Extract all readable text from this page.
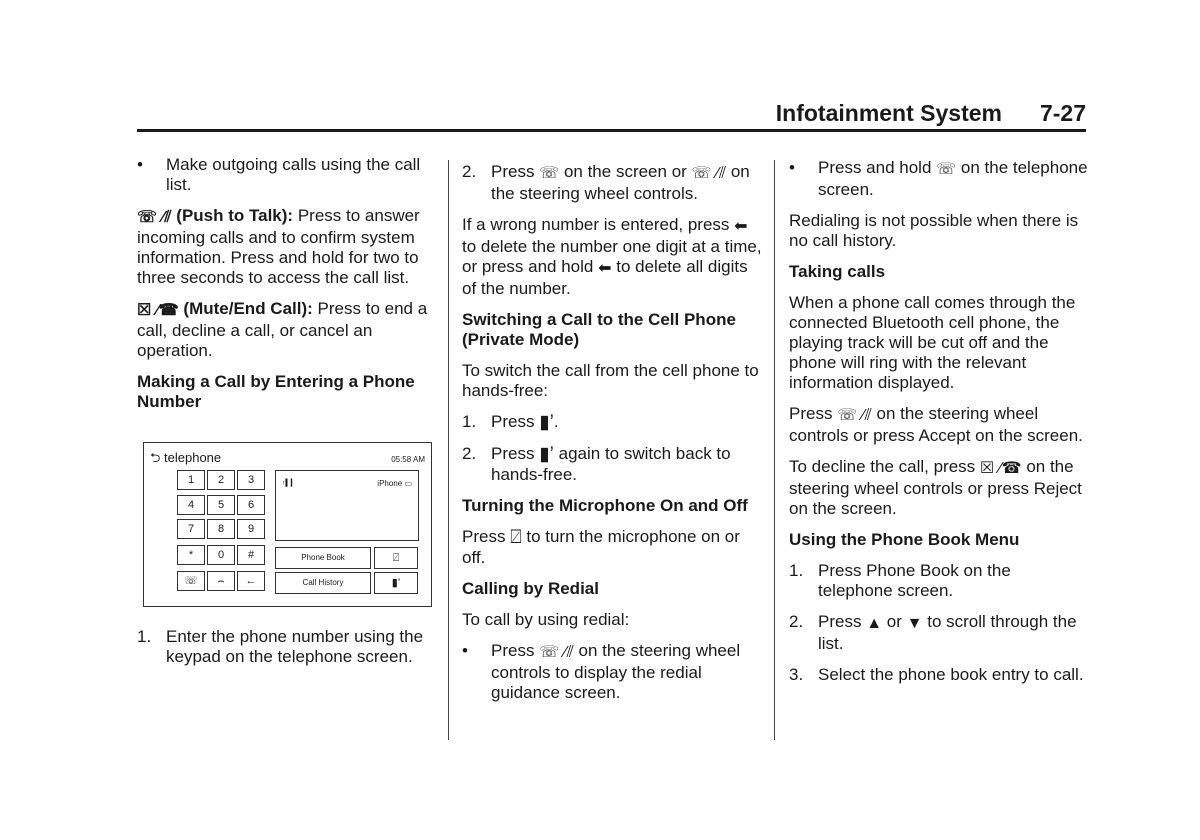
Infotainment System 7-27
• Make outgoing calls using the call list.

☏ ∕⫽ (Push to Talk): Press to answer incoming calls and to confirm system information. Press and hold for two to three seconds to access the call list.

☒ ∕☎ (Mute/End Call): Press to end a call, decline a call, or cancel an operation.

Making a Call by Entering a Phone Number

⮌ telephone	05:58 AM
1	2	3
4	5	6
7	8	9
*	0	#
☏	⌢	←
↑▍▎	iPhone ▭
Phone Book	⍁
Call History	▮’
1. Enter the phone number using the keypad on the telephone screen.
2. Press ☏ on the screen or ☏ ∕⫽ on the steering wheel controls.

If a wrong number is entered, press ⬅ to delete the number one digit at a time, or press and hold ⬅ to delete all digits of the number.

Switching a Call to the Cell Phone (Private Mode)

To switch the call from the cell phone to hands-free:

1. Press ▮’.
2. Press ▮’ again to switch back to hands-free.

Turning the Microphone On and Off

Press ⍁ to turn the microphone on or off.

Calling by Redial

To call by using redial:

• Press ☏ ∕⫽ on the steering wheel controls to display the redial guidance screen.
• Press and hold ☏ on the telephone screen.

Redialing is not possible when there is no call history.

Taking calls

When a phone call comes through the connected Bluetooth cell phone, the playing track will be cut off and the phone will ring with the relevant information displayed.

Press ☏ ∕⫽ on the steering wheel controls or press Accept on the screen.

To decline the call, press ☒ ∕☎ on the steering wheel controls or press Reject on the screen.

Using the Phone Book Menu

1. Press Phone Book on the telephone screen.
2. Press ▲ or ▼ to scroll through the list.
3. Select the phone book entry to call.
